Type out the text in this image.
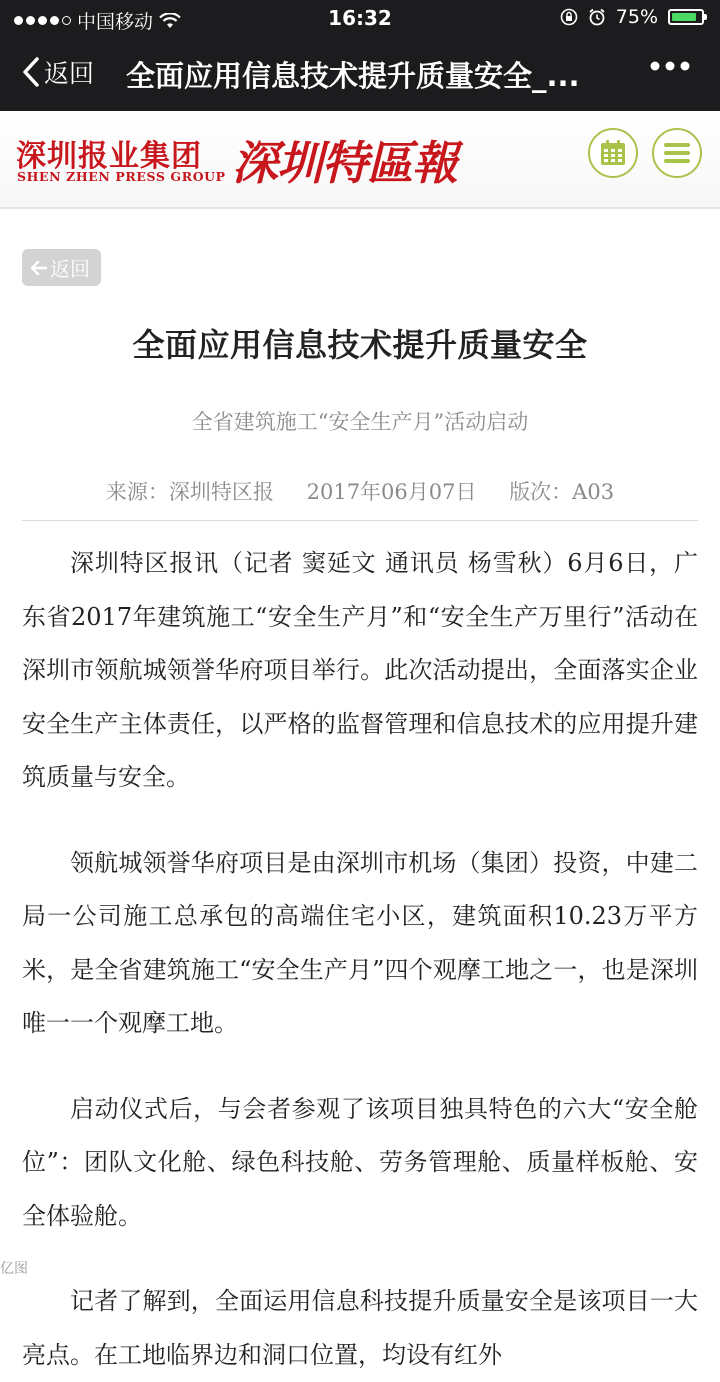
中国移动	16:32	75%
返回 全面应用信息技术提升质量安全_...
深圳报业集团
SHEN ZHEN PRESS GROUP 深圳特區報
返回
全面应用信息技术提升质量安全
全省建筑施工“安全生产月”活动启动
来源：深圳特区报 2017年06月07日 版次：A03

深圳特区报讯（记者 窦延文 通讯员 杨雪秋）6月6日，广东省2017年建筑施工“安全生产月”和“安全生产万里行”活动在深圳市领航城领誉华府项目举行。此次活动提出，全面落实企业安全生产主体责任，以严格的监督管理和信息技术的应用提升建筑质量与安全。

领航城领誉华府项目是由深圳市机场（集团）投资，中建二局一公司施工总承包的高端住宅小区，建筑面积10.23万平方米，是全省建筑施工“安全生产月”四个观摩工地之一，也是深圳唯一一个观摩工地。

启动仪式后，与会者参观了该项目独具特色的六大“安全舱位”：团队文化舱、绿色科技舱、劳务管理舱、质量样板舱、安全体验舱。

记者了解到，全面运用信息科技提升质量安全是该项目一大亮点。在工地临界边和洞口位置，均设有红外

亿图
